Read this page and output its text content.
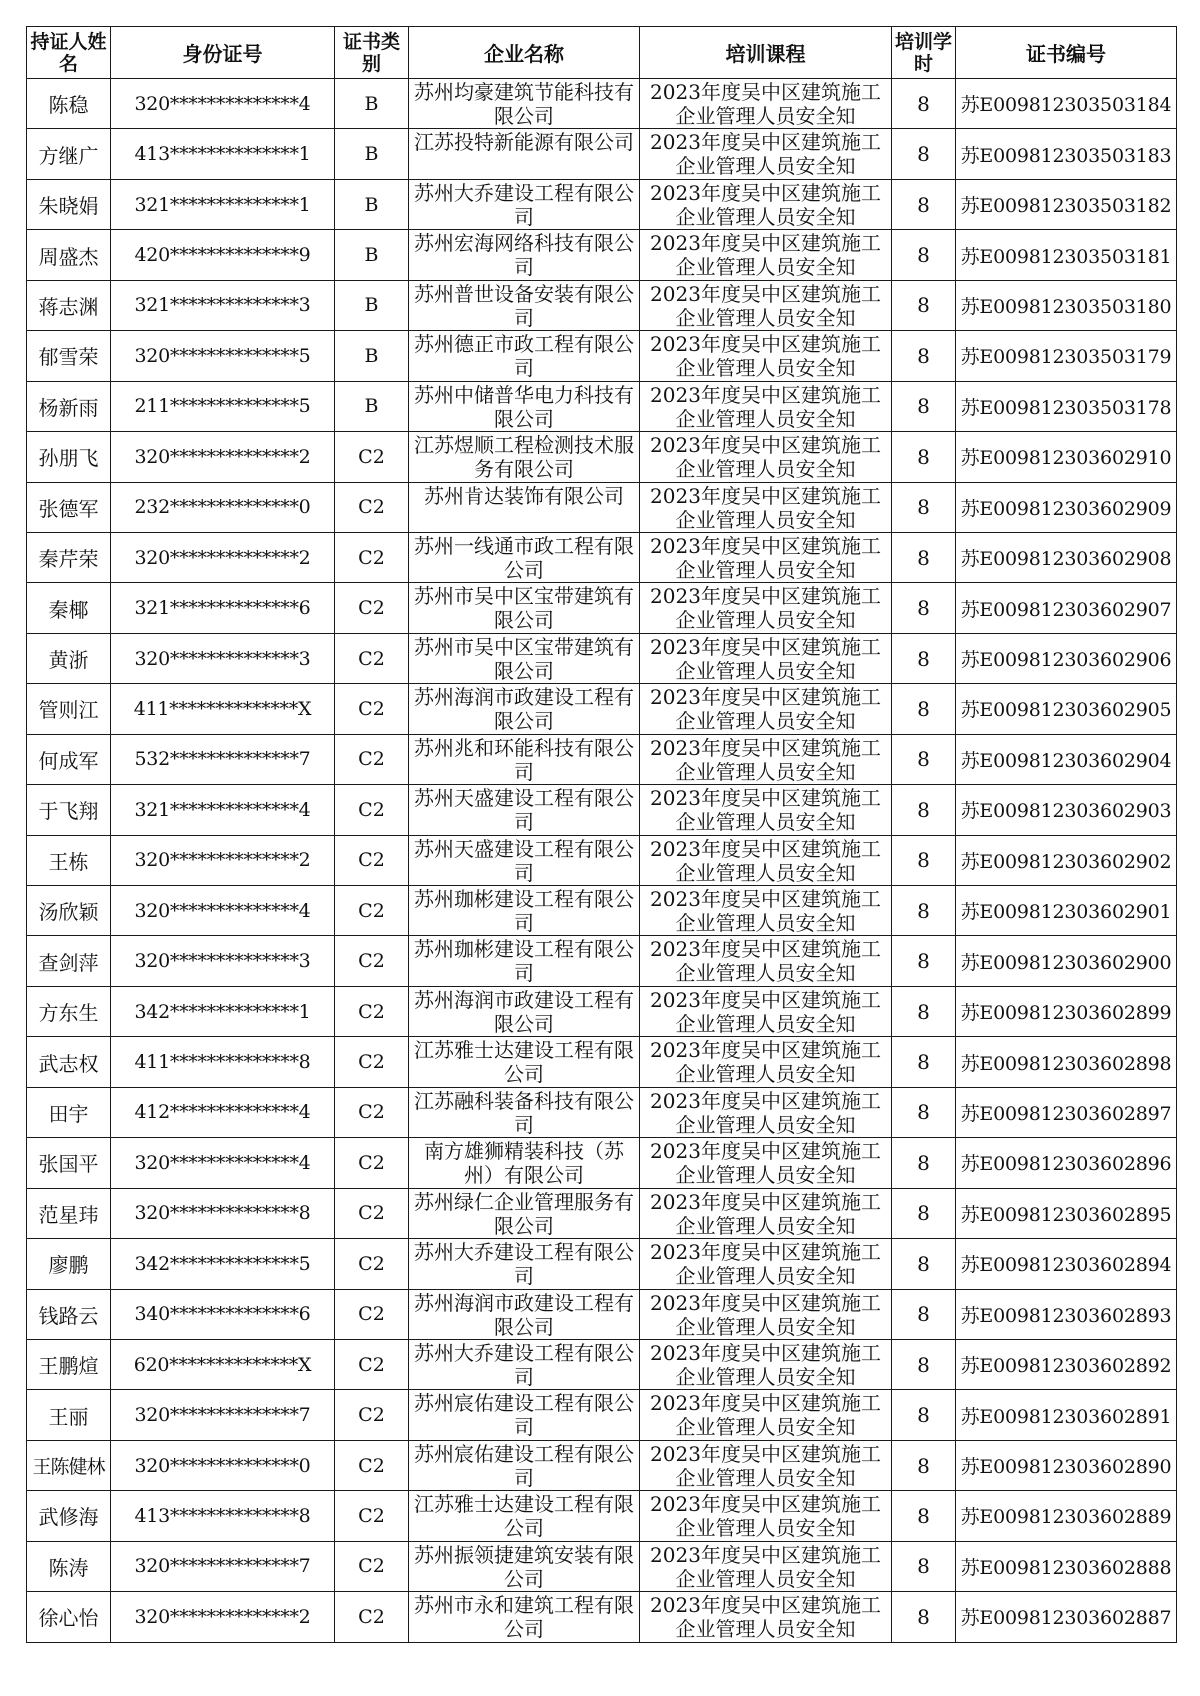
持证人姓名	身份证号	证书类别	企业名称	培训课程	培训学时	证书编号
陈稳	320**************4	B	苏州均豪建筑节能科技有限公司	2023年度吴中区建筑施工企业管理人员安全知	8	苏E009812303503184
方继广	413**************1	B	江苏投特新能源有限公司	2023年度吴中区建筑施工企业管理人员安全知	8	苏E009812303503183
朱晓娟	321**************1	B	苏州大乔建设工程有限公司	2023年度吴中区建筑施工企业管理人员安全知	8	苏E009812303503182
周盛杰	420**************9	B	苏州宏海网络科技有限公司	2023年度吴中区建筑施工企业管理人员安全知	8	苏E009812303503181
蒋志渊	321**************3	B	苏州普世设备安装有限公司	2023年度吴中区建筑施工企业管理人员安全知	8	苏E009812303503180
郁雪荣	320**************5	B	苏州德正市政工程有限公司	2023年度吴中区建筑施工企业管理人员安全知	8	苏E009812303503179
杨新雨	211**************5	B	苏州中储普华电力科技有限公司	2023年度吴中区建筑施工企业管理人员安全知	8	苏E009812303503178
孙朋飞	320**************2	C2	江苏煜顺工程检测技术服务有限公司	2023年度吴中区建筑施工企业管理人员安全知	8	苏E009812303602910
张德军	232**************0	C2	苏州肯达装饰有限公司	2023年度吴中区建筑施工企业管理人员安全知	8	苏E009812303602909
秦芹荣	320**************2	C2	苏州一线通市政工程有限公司	2023年度吴中区建筑施工企业管理人员安全知	8	苏E009812303602908
秦椰	321**************6	C2	苏州市吴中区宝带建筑有限公司	2023年度吴中区建筑施工企业管理人员安全知	8	苏E009812303602907
黄浙	320**************3	C2	苏州市吴中区宝带建筑有限公司	2023年度吴中区建筑施工企业管理人员安全知	8	苏E009812303602906
管则江	411**************X	C2	苏州海润市政建设工程有限公司	2023年度吴中区建筑施工企业管理人员安全知	8	苏E009812303602905
何成军	532**************7	C2	苏州兆和环能科技有限公司	2023年度吴中区建筑施工企业管理人员安全知	8	苏E009812303602904
于飞翔	321**************4	C2	苏州天盛建设工程有限公司	2023年度吴中区建筑施工企业管理人员安全知	8	苏E009812303602903
王栋	320**************2	C2	苏州天盛建设工程有限公司	2023年度吴中区建筑施工企业管理人员安全知	8	苏E009812303602902
汤欣颖	320**************4	C2	苏州珈彬建设工程有限公司	2023年度吴中区建筑施工企业管理人员安全知	8	苏E009812303602901
查剑萍	320**************3	C2	苏州珈彬建设工程有限公司	2023年度吴中区建筑施工企业管理人员安全知	8	苏E009812303602900
方东生	342**************1	C2	苏州海润市政建设工程有限公司	2023年度吴中区建筑施工企业管理人员安全知	8	苏E009812303602899
武志权	411**************8	C2	江苏雅士达建设工程有限公司	2023年度吴中区建筑施工企业管理人员安全知	8	苏E009812303602898
田宇	412**************4	C2	江苏融科装备科技有限公司	2023年度吴中区建筑施工企业管理人员安全知	8	苏E009812303602897
张国平	320**************4	C2	南方雄狮精装科技（苏州）有限公司	2023年度吴中区建筑施工企业管理人员安全知	8	苏E009812303602896
范星玮	320**************8	C2	苏州绿仁企业管理服务有限公司	2023年度吴中区建筑施工企业管理人员安全知	8	苏E009812303602895
廖鹏	342**************5	C2	苏州大乔建设工程有限公司	2023年度吴中区建筑施工企业管理人员安全知	8	苏E009812303602894
钱路云	340**************6	C2	苏州海润市政建设工程有限公司	2023年度吴中区建筑施工企业管理人员安全知	8	苏E009812303602893
王鹏煊	620**************X	C2	苏州大乔建设工程有限公司	2023年度吴中区建筑施工企业管理人员安全知	8	苏E009812303602892
王丽	320**************7	C2	苏州宸佑建设工程有限公司	2023年度吴中区建筑施工企业管理人员安全知	8	苏E009812303602891
王陈健林	320**************0	C2	苏州宸佑建设工程有限公司	2023年度吴中区建筑施工企业管理人员安全知	8	苏E009812303602890
武修海	413**************8	C2	江苏雅士达建设工程有限公司	2023年度吴中区建筑施工企业管理人员安全知	8	苏E009812303602889
陈涛	320**************7	C2	苏州振领捷建筑安装有限公司	2023年度吴中区建筑施工企业管理人员安全知	8	苏E009812303602888
徐心怡	320**************2	C2	苏州市永和建筑工程有限公司	2023年度吴中区建筑施工企业管理人员安全知	8	苏E009812303602887
